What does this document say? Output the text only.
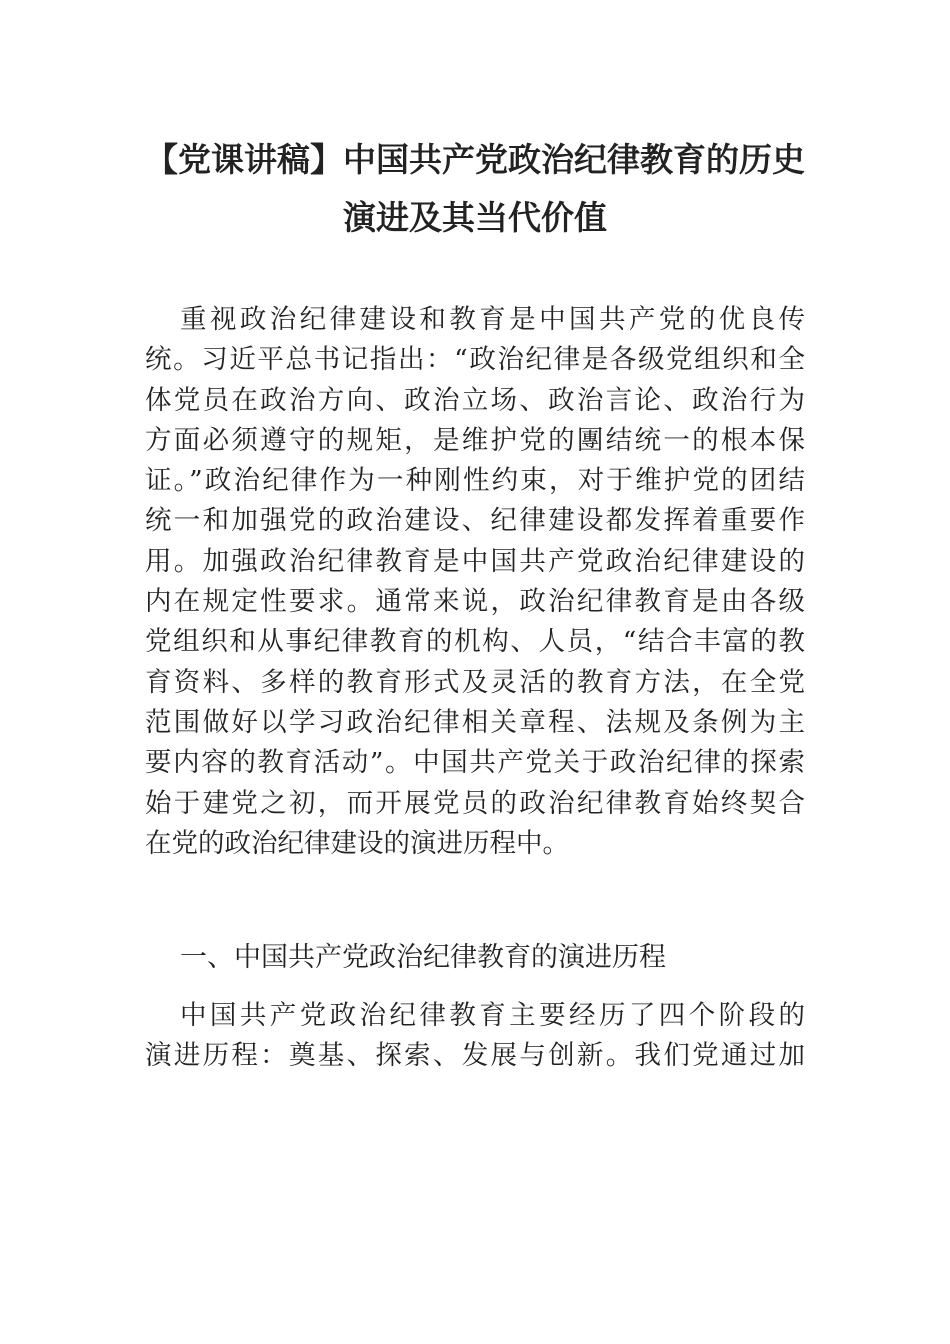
【党课讲稿】中国共产党政治纪律教育的历史
演进及其当代价值
重视政治纪律建设和教育是中国共产党的优良传
统。习近平总书记指出：“政治纪律是各级党组织和全
体党员在政治方向、政治立场、政治言论、政治行为
方面必须遵守的规矩，是维护党的團结统一的根本保
证。”政治纪律作为一种刚性约束，对于维护党的团结
统一和加强党的政治建设、纪律建设都发挥着重要作
用。加强政治纪律教育是中国共产党政治纪律建设的
内在规定性要求。通常来说，政治纪律教育是由各级
党组织和从事纪律教育的机构、人员，“结合丰富的教
育资料、多样的教育形式及灵活的教育方法，在全党
范围做好以学习政治纪律相关章程、法规及条例为主
要内容的教育活动”。中国共产党关于政治纪律的探索
始于建党之初，而开展党员的政治纪律教育始终契合
在党的政治纪律建设的演进历程中。
一、中国共产党政治纪律教育的演进历程
中国共产党政治纪律教育主要经历了四个阶段的
演进历程：奠基、探索、发展与创新。我们党通过加
